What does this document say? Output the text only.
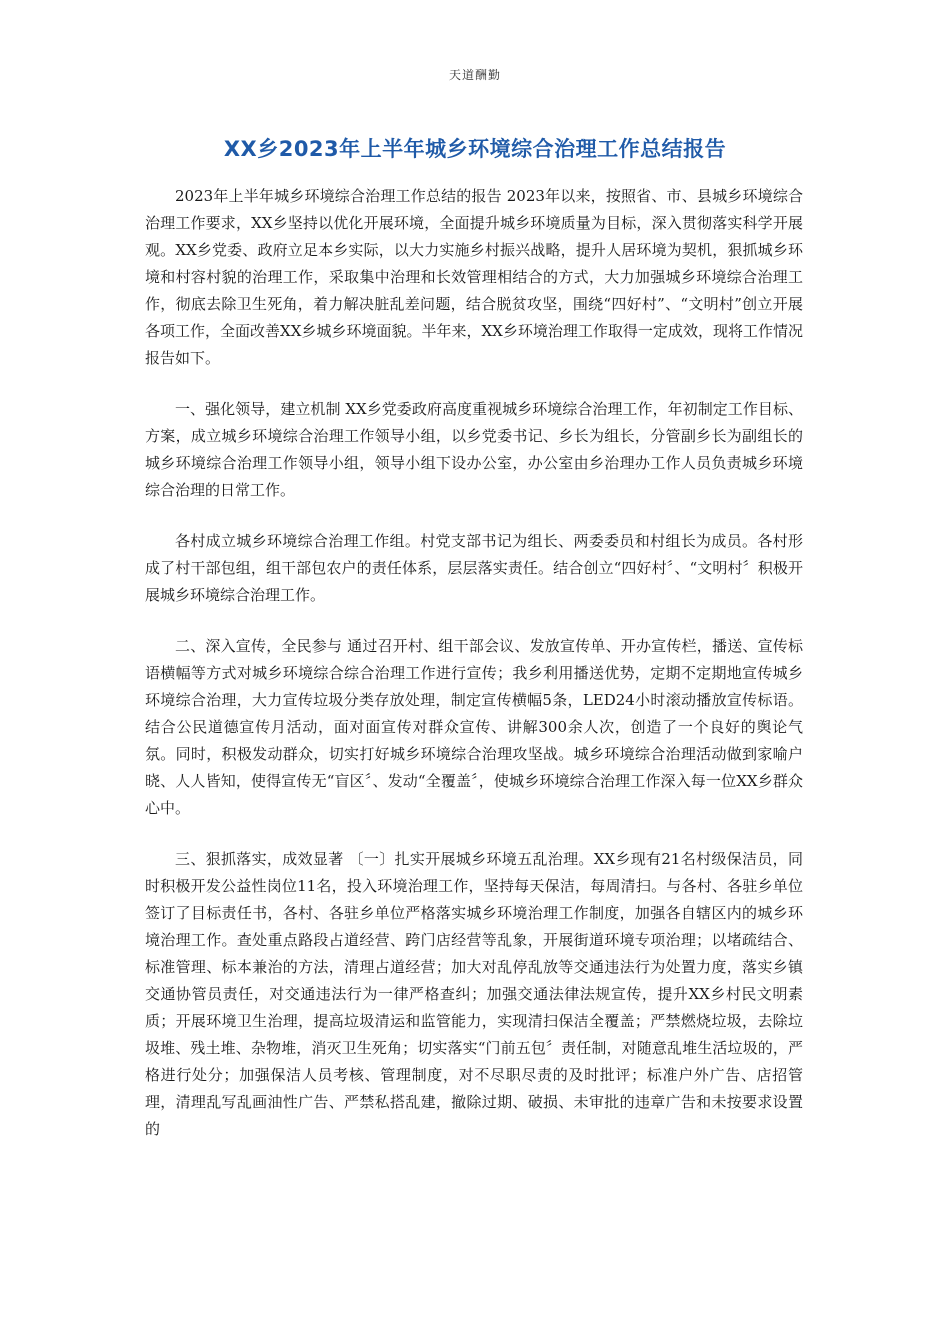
天道酬勤
XX乡2023年上半年城乡环境综合治理工作总结报告

2023年上半年城乡环境综合治理工作总结的报告 2023年以来，按照省、市、县城乡环境综合治理工作要求，XX乡坚持以优化开展环境，全面提升城乡环境质量为目标，深入贯彻落实科学开展观。XX乡党委、政府立足本乡实际，以大力实施乡村振兴战略，提升人居环境为契机，狠抓城乡环境和村容村貌的治理工作，采取集中治理和长效管理相结合的方式，大力加强城乡环境综合治理工作，彻底去除卫生死角，着力解决脏乱差问题，结合脱贫攻坚，围绕“四好村”、“文明村”创立开展各项工作，全面改善XX乡城乡环境面貌。半年来，XX乡环境治理工作取得一定成效，现将工作情况报告如下。

一、强化领导，建立机制 XX乡党委政府高度重视城乡环境综合治理工作，年初制定工作目标、方案，成立城乡环境综合治理工作领导小组，以乡党委书记、乡长为组长，分管副乡长为副组长的城乡环境综合治理工作领导小组，领导小组下设办公室，办公室由乡治理办工作人员负责城乡环境综合治理的日常工作。

各村成立城乡环境综合治理工作组。村党支部书记为组长、两委委员和村组长为成员。各村形成了村干部包组，组干部包农户的责任体系，层层落实责任。结合创立“四好村〞、“文明村〞积极开展城乡环境综合治理工作。

二、深入宣传，全民参与 通过召开村、组干部会议、发放宣传单、开办宣传栏，播送、宣传标语横幅等方式对城乡环境综合综合治理工作进行宣传；我乡利用播送优势，定期不定期地宣传城乡环境综合治理，大力宣传垃圾分类存放处理，制定宣传横幅5条，LED24小时滚动播放宣传标语。结合公民道德宣传月活动，面对面宣传对群众宣传、讲解300余人次，创造了一个良好的舆论气氛。同时，积极发动群众，切实打好城乡环境综合治理攻坚战。城乡环境综合治理活动做到家喻户晓、人人皆知，使得宣传无“盲区〞、发动“全覆盖〞，使城乡环境综合治理工作深入每一位XX乡群众心中。

三、狠抓落实，成效显著 〔一〕扎实开展城乡环境五乱治理。XX乡现有21名村级保洁员，同时积极开发公益性岗位11名，投入环境治理工作，坚持每天保洁，每周清扫。与各村、各驻乡单位签订了目标责任书，各村、各驻乡单位严格落实城乡环境治理工作制度，加强各自辖区内的城乡环境治理工作。查处重点路段占道经营、跨门店经营等乱象，开展街道环境专项治理；以堵疏结合、标准管理、标本兼治的方法，清理占道经营；加大对乱停乱放等交通违法行为处置力度，落实乡镇交通协管员责任，对交通违法行为一律严格查纠；加强交通法律法规宣传，提升XX乡村民文明素质；开展环境卫生治理，提高垃圾清运和监管能力，实现清扫保洁全覆盖；严禁燃烧垃圾，去除垃圾堆、残土堆、杂物堆，消灭卫生死角；切实落实“门前五包〞责任制，对随意乱堆生活垃圾的，严格进行处分；加强保洁人员考核、管理制度，对不尽职尽责的及时批评；标准户外广告、店招管理，清理乱写乱画油性广告、严禁私搭乱建，撤除过期、破损、未审批的违章广告和未按要求设置的
